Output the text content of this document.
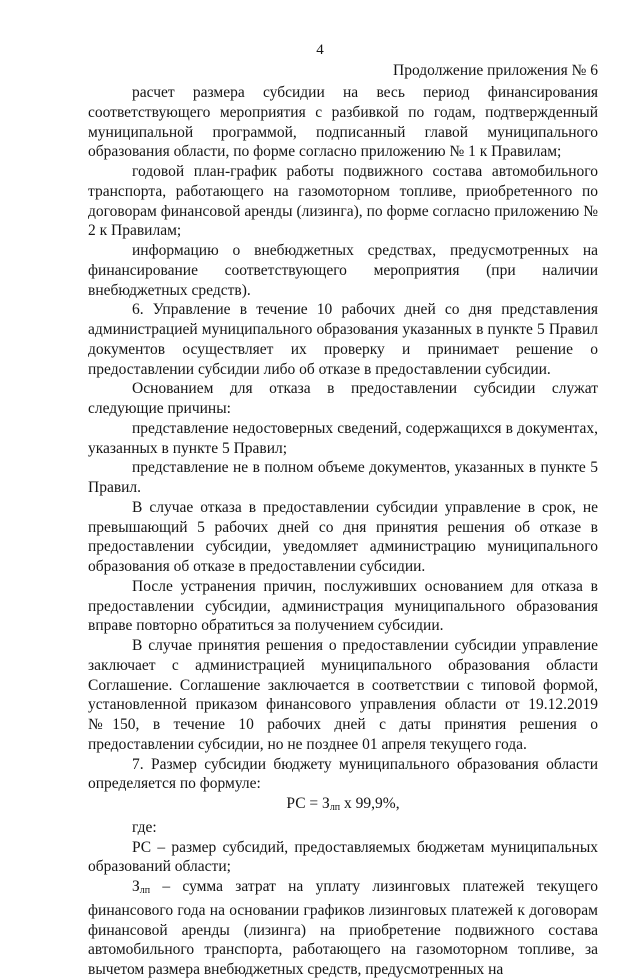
4
Продолжение приложения № 6

расчет размера субсидии на весь период финансирования соответствующего мероприятия с разбивкой по годам, подтвержденный муниципальной программой, подписанный главой муниципального образования области, по форме согласно приложению № 1 к Правилам;

годовой план-график работы подвижного состава автомобильного транспорта, работающего на газомоторном топливе, приобретенного по договорам финансовой аренды (лизинга), по форме согласно приложению № 2 к Правилам;

информацию о внебюджетных средствах, предусмотренных на финансирование соответствующего мероприятия (при наличии внебюджетных средств).

6. Управление в течение 10 рабочих дней со дня представления администрацией муниципального образования указанных в пункте 5 Правил документов осуществляет их проверку и принимает решение о предоставлении субсидии либо об отказе в предоставлении субсидии.

Основанием для отказа в предоставлении субсидии служат следующие причины:

представление недостоверных сведений, содержащихся в документах, указанных в пункте 5 Правил;

представление не в полном объеме документов, указанных в пункте 5 Правил.

В случае отказа в предоставлении субсидии управление в срок, не превышающий 5 рабочих дней со дня принятия решения об отказе в предоставлении субсидии, уведомляет администрацию муниципального образования об отказе в предоставлении субсидии.

После устранения причин, послуживших основанием для отказа в предоставлении субсидии, администрация муниципального образования вправе повторно обратиться за получением субсидии.

В случае принятия решения о предоставлении субсидии управление заключает с администрацией муниципального образования области Соглашение. Соглашение заключается в соответствии с типовой формой, установленной приказом финансового управления области от 19.12.2019 №150, в течение 10 рабочих дней с даты принятия решения о предоставлении субсидии, но не позднее 01 апреля текущего года.

7. Размер субсидии бюджету муниципального образования области определяется по формуле:

РС = $З_{лп}$ х 99,9%,

где:

РС – размер субсидий, предоставляемых бюджетам муниципальных образований области;

$З_{лп}$ – сумма затрат на уплату лизинговых платежей текущего финансового года на основании графиков лизинговых платежей к договорам финансовой аренды (лизинга) на приобретение подвижного состава автомобильного транспорта, работающего на газомоторном топливе, за вычетом размера внебюджетных средств, предусмотренных на
